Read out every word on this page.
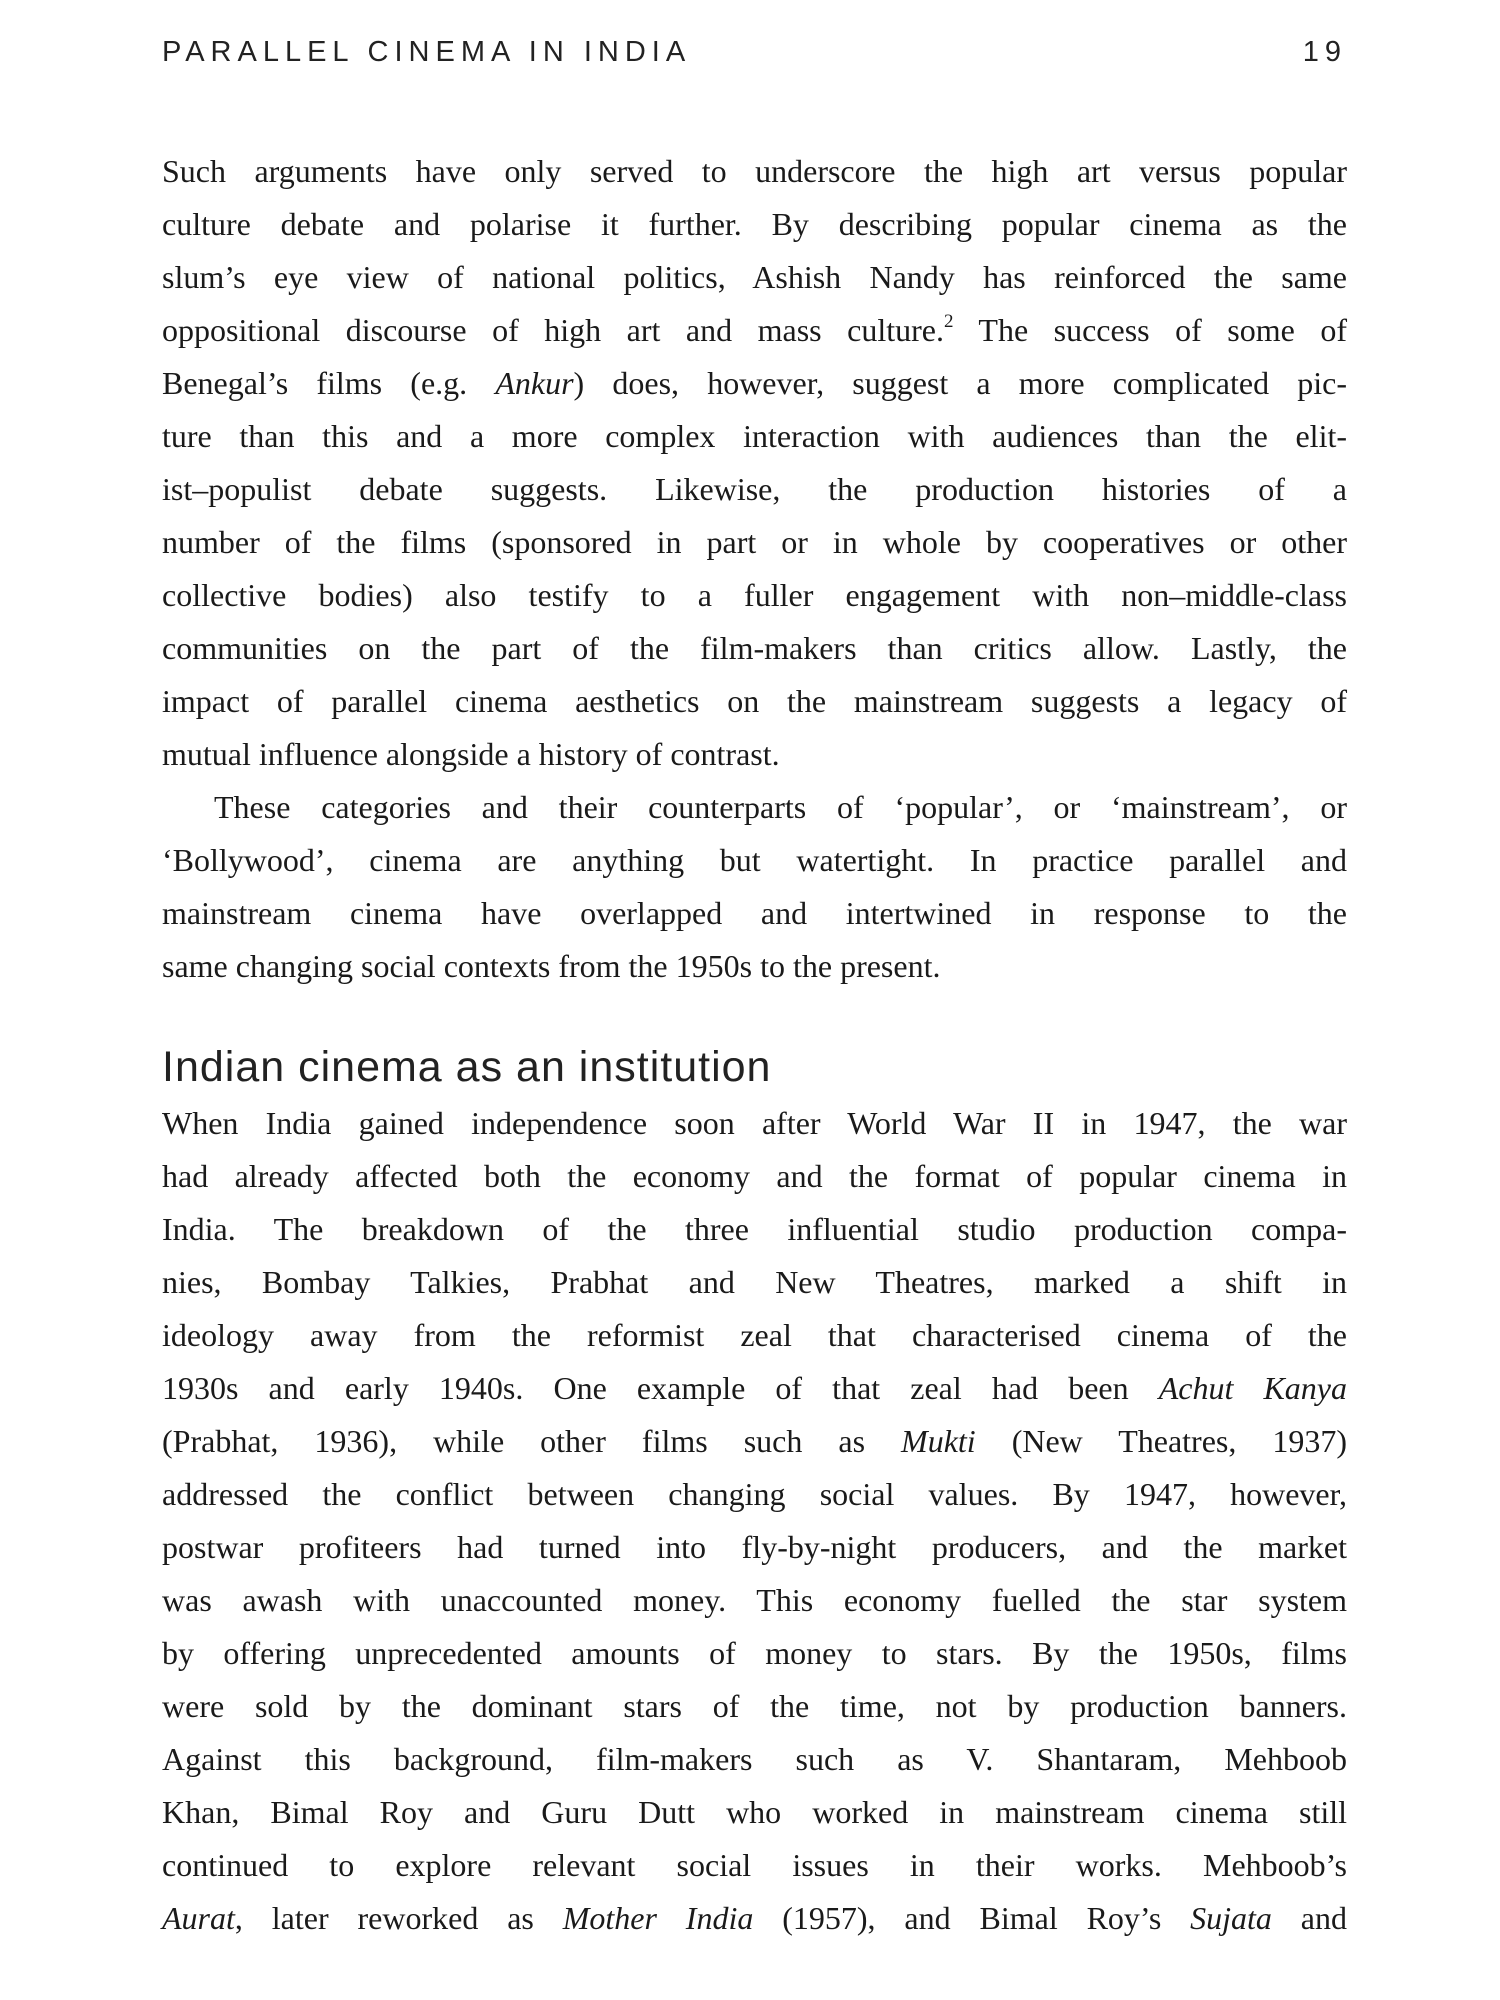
PARALLEL CINEMA IN INDIA	19
Such arguments have only served to underscore the high art versus popular
culture debate and polarise it further. By describing popular cinema as the
slum’s eye view of national politics, Ashish Nandy has reinforced the same
oppositional discourse of high art and mass culture.$^2$ The success of some of
Benegal’s films (e.g. Ankur) does, however, suggest a more complicated pic-
ture than this and a more complex interaction with audiences than the elit-
ist–populist debate suggests. Likewise, the production histories of a
number of the films (sponsored in part or in whole by cooperatives or other
collective bodies) also testify to a fuller engagement with non–middle-class
communities on the part of the film-makers than critics allow. Lastly, the
impact of parallel cinema aesthetics on the mainstream suggests a legacy of
mutual influence alongside a history of contrast.
These categories and their counterparts of ‘popular’, or ‘mainstream’, or
‘Bollywood’, cinema are anything but watertight. In practice parallel and
mainstream cinema have overlapped and intertwined in response to the
same changing social contexts from the 1950s to the present.
Indian cinema as an institution
When India gained independence soon after World War II in 1947, the war
had already affected both the economy and the format of popular cinema in
India. The breakdown of the three influential studio production compa-
nies, Bombay Talkies, Prabhat and New Theatres, marked a shift in
ideology away from the reformist zeal that characterised cinema of the
1930s and early 1940s. One example of that zeal had been Achut Kanya
(Prabhat, 1936), while other films such as Mukti (New Theatres, 1937)
addressed the conflict between changing social values. By 1947, however,
postwar profiteers had turned into fly-by-night producers, and the market
was awash with unaccounted money. This economy fuelled the star system
by offering unprecedented amounts of money to stars. By the 1950s, films
were sold by the dominant stars of the time, not by production banners.
Against this background, film-makers such as V. Shantaram, Mehboob
Khan, Bimal Roy and Guru Dutt who worked in mainstream cinema still
continued to explore relevant social issues in their works. Mehboob’s
Aurat, later reworked as Mother India (1957), and Bimal Roy’s Sujata and
